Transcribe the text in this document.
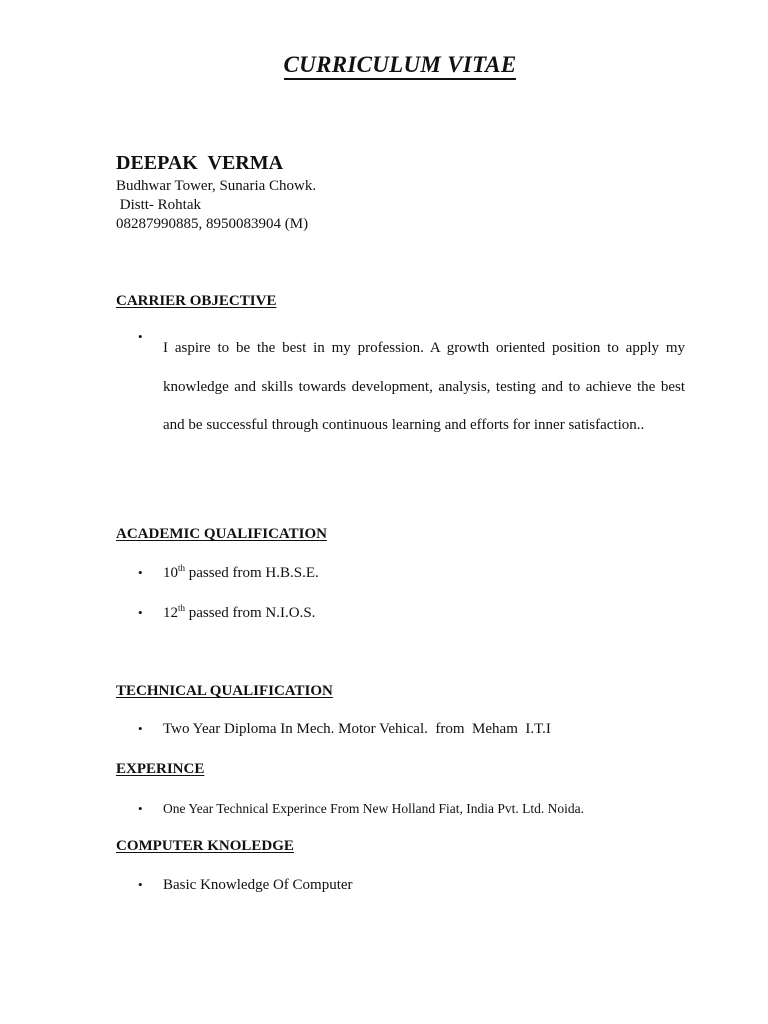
CURRICULUM VITAE
DEEPAK  VERMA
Budhwar Tower, Sunaria Chowk.
Distt- Rohtak
08287990885, 8950083904 (M)
CARRIER OBJECTIVE
•
I aspire to be the best in my profession. A growth oriented position to apply my knowledge and skills towards development, analysis, testing and to achieve the best and be successful through continuous learning and efforts for inner satisfaction..
ACADEMIC QUALIFICATION
•	10th passed from H.B.S.E.
•	12th passed from N.I.O.S.
TECHNICAL QUALIFICATION
•	Two Year Diploma In Mech. Motor Vehical.  from  Meham  I.T.I
EXPERINCE
•	One Year Technical Experince From New Holland Fiat, India Pvt. Ltd. Noida.
COMPUTER KNOLEDGE
•	Basic Knowledge Of Computer
